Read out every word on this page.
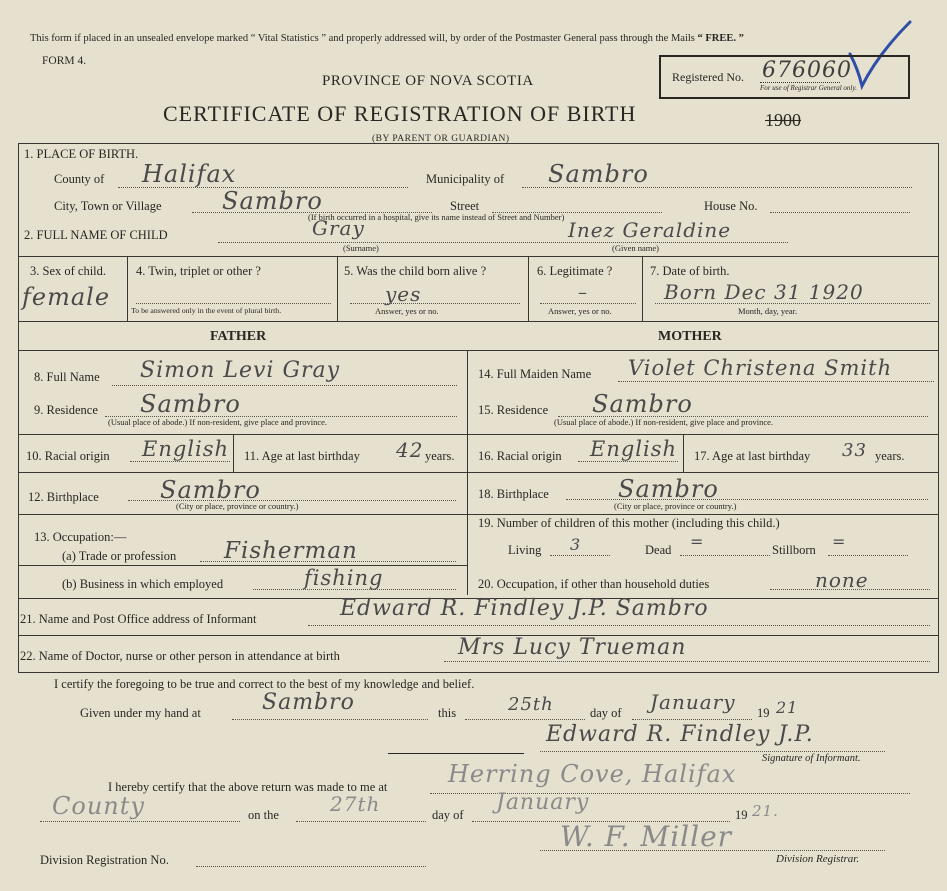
This form if placed in an unsealed envelope marked “ Vital Statistics ” and properly addressed will, by order of the Postmaster General pass through the Mails “ FREE. ”
FORM 4.
PROVINCE OF NOVA SCOTIA	Registered No. 676060
For use of Registrar General only.
CERTIFICATE OF REGISTRATION OF BIRTH	1900
(BY PARENT OR GUARDIAN)
1. PLACE OF BIRTH.
County of Halifax	Municipality of Sambro
City, Town or Village	Sambro	Street	House No.
(If birth occurred in a hospital, give its name instead of Street and Number)
2. FULL NAME OF CHILD	Gray
(Surname)
Inez Geraldine
(Given name)
3. Sex of child.
female
4. Twin, triplet or other ?
To be answered only in the event of plural birth.
5. Was the child born alive ?
yes
Answer, yes or no.
6. Legitimate ?
–
Answer, yes or no.
7. Date of birth.
Born Dec 31 1920
Month, day, year.
FATHER	MOTHER
8. Full Name Simon Levi Gray
9. Residence Sambro
(Usual place of abode.) If non-resident, give place and province.
10. Racial origin English 11. Age at last birthday 42 years.
12. Birthplace	Sambro
(City or place, province or country.)
13. Occupation:—
(a) Trade or profession Fisherman
(b) Business in which employed	fishing
14. Full Maiden Name Violet Christena Smith
15. Residence Sambro
(Usual place of abode.) If non-resident, give place and province.
16. Racial origin English 17. Age at last birthday 33 years.
18. Birthplace	Sambro
(City or place, province or country.)
19. Number of children of this mother (including this child.)
Living 3	Dead =	Stillborn =
20. Occupation, if other than household duties	none
21. Name and Post Office address of Informant	Edward R. Findley J.P. Sambro
22. Name of Doctor, nurse or other person in attendance at birth	Mrs Lucy Trueman
I certify the foregoing to be true and correct to the best of my knowledge and belief.
Given under my hand at	Sambro	this	25th	day of January 19 21
Edward R. Findley J.P.
Signature of Informant.
I hereby certify that the above return was made to me at	Herring Cove, Halifax
County	on the	27th	day of January	19 21.
W. F. Miller
Division Registration No.	Division Registrar.
